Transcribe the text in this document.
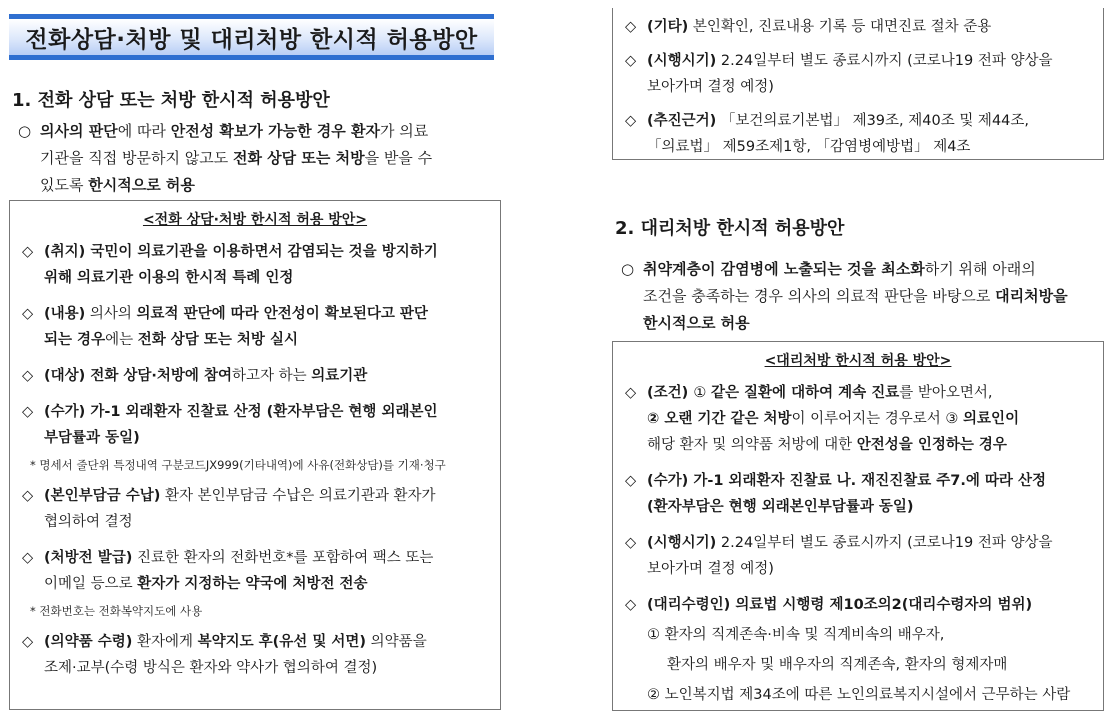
전화상담·처방 및 대리처방 한시적 허용방안
1. 전화 상담 또는 처방 한시적 허용방안
○ 의사의 판단에 따라 안전성 확보가 가능한 경우 환자가 의료
기관을 직접 방문하지 않고도 전화 상담 또는 처방을 받을 수
있도록 한시적으로 허용
<전화 상담·처방 한시적 허용 방안>
◇ (취지) 국민이 의료기관을 이용하면서 감염되는 것을 방지하기
위해 의료기관 이용의 한시적 특례 인정
◇ (내용) 의사의 의료적 판단에 따라 안전성이 확보된다고 판단
되는 경우에는 전화 상담 또는 처방 실시
◇ (대상) 전화 상담·처방에 참여하고자 하는 의료기관
◇ (수가) 가-1 외래환자 진찰료 산정 (환자부담은 현행 외래본인
부담률과 동일)
* 명세서 줄단위 특정내역 구분코드JX999(기타내역)에 사유(전화상담)를 기재·청구
◇ (본인부담금 수납) 환자 본인부담금 수납은 의료기관과 환자가
협의하여 결정
◇ (처방전 발급) 진료한 환자의 전화번호*를 포함하여 팩스 또는
이메일 등으로 환자가 지정하는 약국에 처방전 전송
* 전화번호는 전화복약지도에 사용
◇ (의약품 수령) 환자에게 복약지도 후(유선 및 서면) 의약품을
조제·교부(수령 방식은 환자와 약사가 협의하여 결정)
◇ (기타) 본인확인, 진료내용 기록 등 대면진료 절차 준용
◇ (시행시기) 2.24일부터 별도 종료시까지 (코로나19 전파 양상을
보아가며 결정 예정)
◇ (추진근거) 「보건의료기본법」 제39조, 제40조 및 제44조,
「의료법」 제59조제1항, 「감염병예방법」 제4조
2. 대리처방 한시적 허용방안
○ 취약계층이 감염병에 노출되는 것을 최소화하기 위해 아래의
조건을 충족하는 경우 의사의 의료적 판단을 바탕으로 대리처방을
한시적으로 허용
<대리처방 한시적 허용 방안>
◇ (조건) ① 같은 질환에 대하여 계속 진료를 받아오면서,
② 오랜 기간 같은 처방이 이루어지는 경우로서 ③ 의료인이
해당 환자 및 의약품 처방에 대한 안전성을 인정하는 경우
◇ (수가) 가-1 외래환자 진찰료 나. 재진진찰료 주7.에 따라 산정
(환자부담은 현행 외래본인부담률과 동일)
◇ (시행시기) 2.24일부터 별도 종료시까지 (코로나19 전파 양상을
보아가며 결정 예정)
◇ (대리수령인) 의료법 시행령 제10조의2(대리수령자의 범위)
① 환자의 직계존속·비속 및 직계비속의 배우자,
환자의 배우자 및 배우자의 직계존속, 환자의 형제자매
② 노인복지법 제34조에 따른 노인의료복지시설에서 근무하는 사람
